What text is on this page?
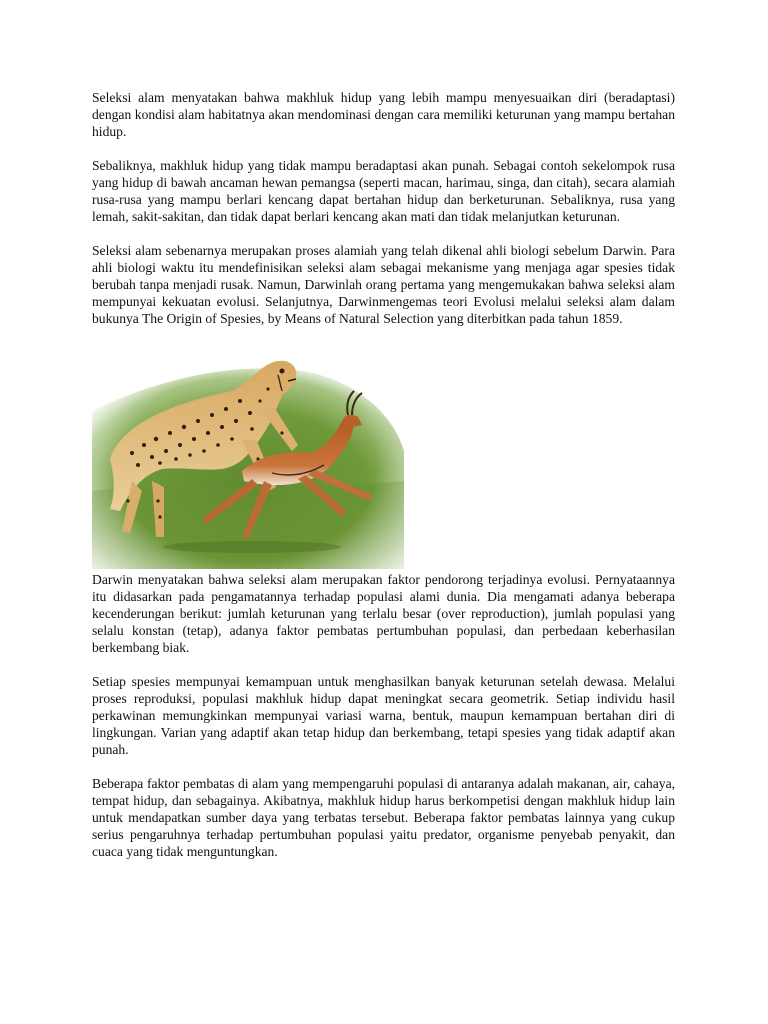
Seleksi alam menyatakan bahwa makhluk hidup yang lebih mampu menyesuaikan diri (beradaptasi) dengan kondisi alam habitatnya akan mendominasi dengan cara memiliki keturunan yang mampu bertahan hidup.

Sebaliknya, makhluk hidup yang tidak mampu beradaptasi akan punah. Sebagai contoh sekelompok rusa yang hidup di bawah ancaman hewan pemangsa (seperti macan, harimau, singa, dan citah), secara alamiah rusa-rusa yang mampu berlari kencang dapat bertahan hidup dan berketurunan. Sebaliknya, rusa yang lemah, sakit-sakitan, dan tidak dapat berlari kencang akan mati dan tidak melanjutkan keturunan.

Seleksi alam sebenarnya merupakan proses alamiah yang telah dikenal ahli biologi sebelum Darwin. Para ahli biologi waktu itu mendefinisikan seleksi alam sebagai mekanisme yang menjaga agar spesies tidak berubah tanpa menjadi rusak. Namun, Darwinlah orang pertama yang mengemukakan bahwa seleksi alam mempunyai kekuatan evolusi. Selanjutnya, Darwinmengemas teori Evolusi melalui seleksi alam dalam bukunya The Origin of Spesies, by Means of Natural Selection yang diterbitkan pada tahun 1859.

Darwin menyatakan bahwa seleksi alam merupakan faktor pendorong terjadinya evolusi. Pernyataannya itu didasarkan pada pengamatannya terhadap populasi alami dunia. Dia mengamati adanya beberapa kecenderungan berikut: jumlah keturunan yang terlalu besar (over reproduction), jumlah populasi yang selalu konstan (tetap), adanya faktor pembatas pertumbuhan populasi, dan perbedaan keberhasilan berkembang biak.

Setiap spesies mempunyai kemampuan untuk menghasilkan banyak keturunan setelah dewasa. Melalui proses reproduksi, populasi makhluk hidup dapat meningkat secara geometrik. Setiap individu hasil perkawinan memungkinkan mempunyai variasi warna, bentuk, maupun kemampuan bertahan diri di lingkungan. Varian yang adaptif akan tetap hidup dan berkembang, tetapi spesies yang tidak adaptif akan punah.

Beberapa faktor pembatas di alam yang mempengaruhi populasi di antaranya adalah makanan, air, cahaya, tempat hidup, dan sebagainya. Akibatnya, makhluk hidup harus berkompetisi dengan makhluk hidup lain untuk mendapatkan sumber daya yang terbatas tersebut. Beberapa faktor pembatas lainnya yang cukup serius pengaruhnya terhadap pertumbuhan populasi yaitu predator, organisme penyebab penyakit, dan cuaca yang tidak menguntungkan.
